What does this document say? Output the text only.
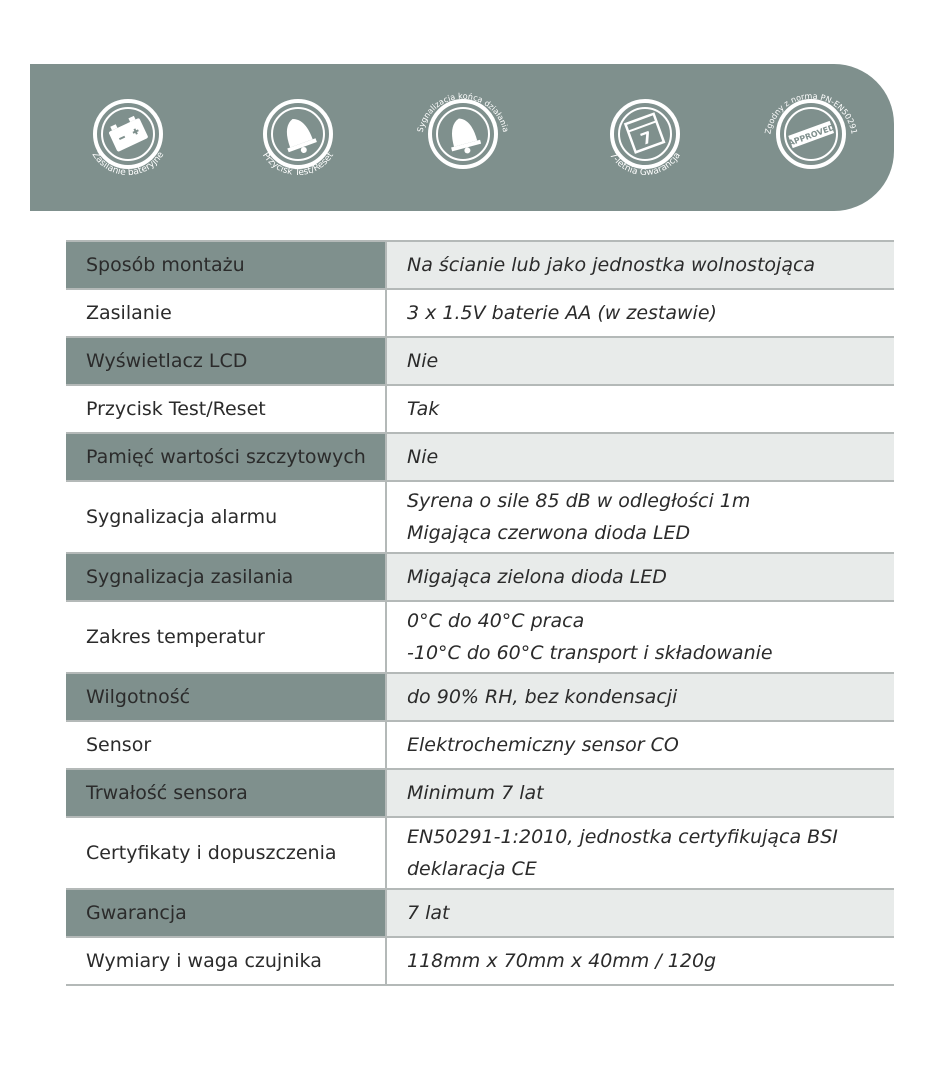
Zasilanie bateryjne	Przycisk Test/Reset
Sygnalizacja końca działania	7
7-letnia Gwarancja
APPROVED
Zgodny z normą PN-EN50291
Sposób montażu	Na ścianie lub jako jednostka wolnostojąca

Zasilanie	3 x 1.5V baterie AA (w zestawie)

Wyświetlacz LCD	Nie

Przycisk Test/Reset	Tak

Pamięć wartości szczytowych	Nie

Sygnalizacja alarmu	Syrena o sile 85 dB w odległości 1m
Migająca czerwona dioda LED

Sygnalizacja zasilania	Migająca zielona dioda LED

Zakres temperatur	0°C do 40°C praca
-10°C do 60°C transport i składowanie

Wilgotność	do 90% RH, bez kondensacji

Sensor	Elektrochemiczny sensor CO

Trwałość sensora	Minimum 7 lat

Certyfikaty i dopuszczenia	EN50291-1:2010, jednostka certyfikująca BSI
deklaracja CE

Gwarancja	7 lat

Wymiary i waga czujnika	118mm x 70mm x 40mm / 120g
